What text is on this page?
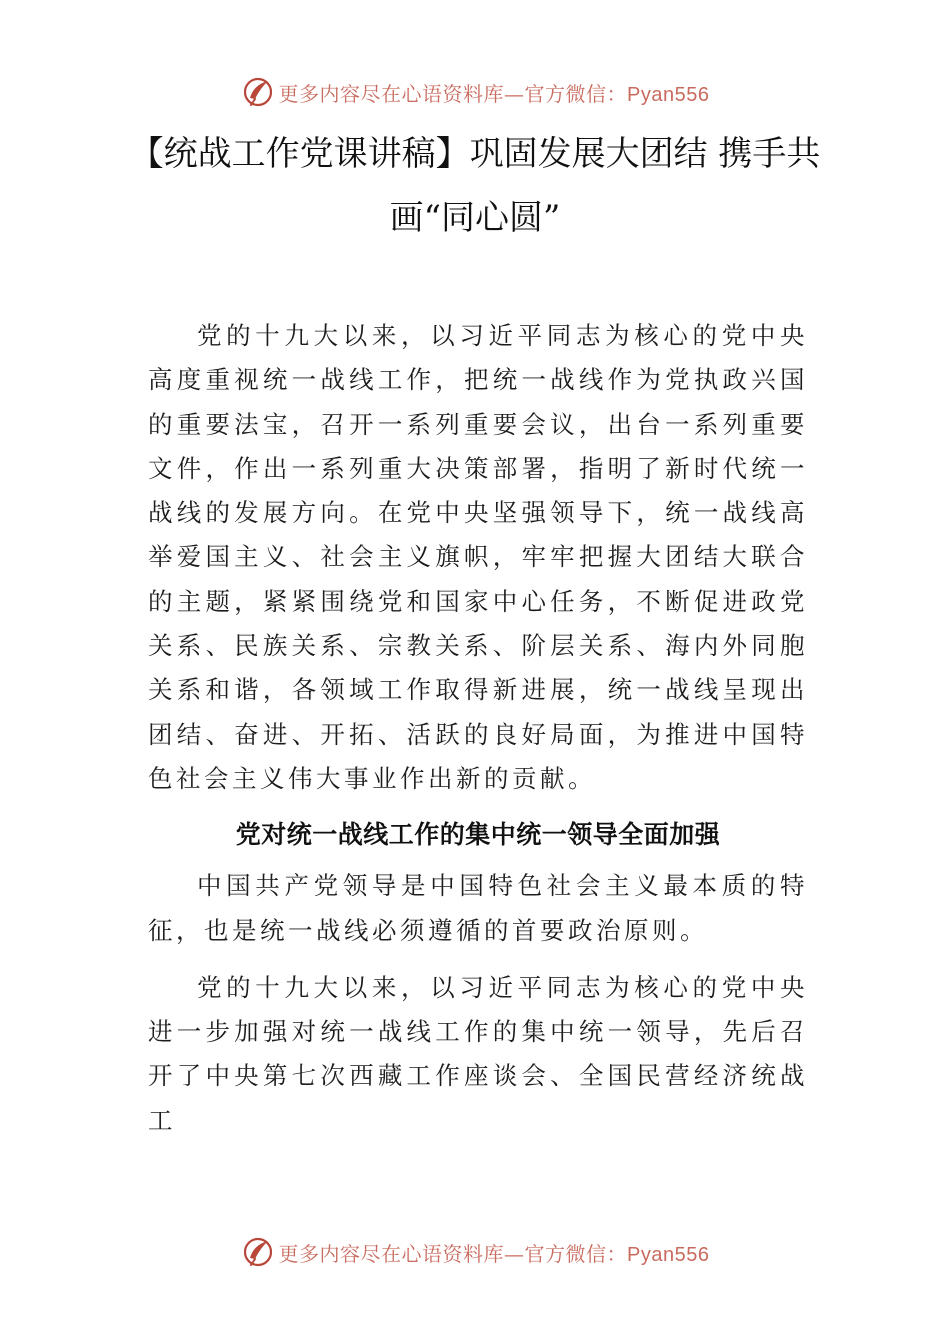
更多内容尽在心语资料库—官方微信：Pyan556
【统战工作党课讲稿】巩固发展大团结 携手共画“同心圆”

党的十九大以来，以习近平同志为核心的党中央高度重视统一战线工作，把统一战线作为党执政兴国的重要法宝，召开一系列重要会议，出台一系列重要文件，作出一系列重大决策部署，指明了新时代统一战线的发展方向。在党中央坚强领导下，统一战线高举爱国主义、社会主义旗帜，牢牢把握大团结大联合的主题，紧紧围绕党和国家中心任务，不断促进政党关系、民族关系、宗教关系、阶层关系、海内外同胞关系和谐，各领域工作取得新进展，统一战线呈现出团结、奋进、开拓、活跃的良好局面，为推进中国特色社会主义伟大事业作出新的贡献。

党对统一战线工作的集中统一领导全面加强

中国共产党领导是中国特色社会主义最本质的特征，也是统一战线必须遵循的首要政治原则。

党的十九大以来，以习近平同志为核心的党中央进一步加强对统一战线工作的集中统一领导，先后召开了中央第七次西藏工作座谈会、全国民营经济统战工

更多内容尽在心语资料库—官方微信：Pyan556
